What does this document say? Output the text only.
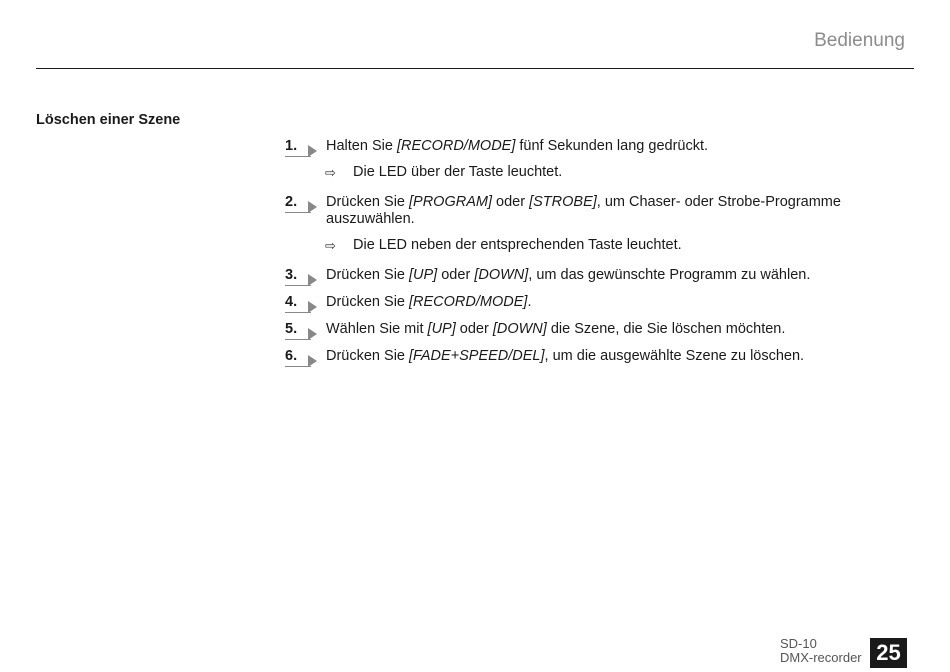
Bedienung
Löschen einer Szene
1. Halten Sie [RECORD/MODE] fünf Sekunden lang gedrückt.
⇨ Die LED über der Taste leuchtet.
2. Drücken Sie [PROGRAM] oder [STROBE], um Chaser- oder Strobe-Programme auszuwählen.
⇨ Die LED neben der entsprechenden Taste leuchtet.
3. Drücken Sie [UP] oder [DOWN], um das gewünschte Programm zu wählen.
4. Drücken Sie [RECORD/MODE].
5. Wählen Sie mit [UP] oder [DOWN] die Szene, die Sie löschen möchten.
6. Drücken Sie [FADE+SPEED/DEL], um die ausgewählte Szene zu löschen.
SD-10
DMX-recorder 25
